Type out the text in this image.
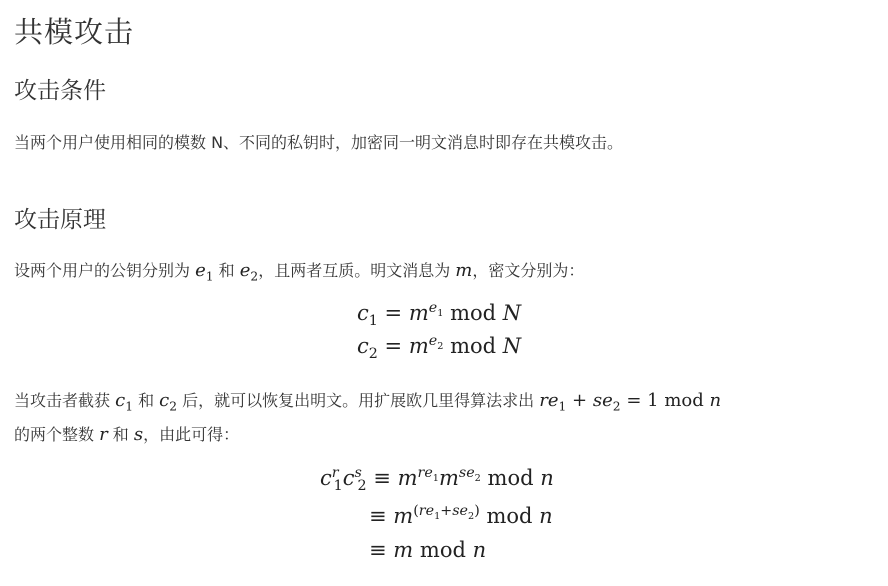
共模攻击
攻击条件

当两个用户使用相同的模数 N、不同的私钥时，加密同一明文消息时即存在共模攻击。

攻击原理

设两个用户的公钥分别为 $e_1$ 和 $e_2$，且两者互质。明文消息为 m，密文分别为：

$c_1 = m^{e_1}$ mod N
$c_2 = m^{e_2}$ mod N

当攻击者截获 $c_1$ 和 $c_2$ 后，就可以恢复出明文。用扩展欧几里得算法求出 $re_1 + se_2 = 1$ mod n

的两个整数 r 和 s，由此可得：

$c^r_1c^s_2 \equiv m^{re_1}m^{se_2}$ mod n
≡ $m^{(re_1+se_2)}$ mod n
≡ m mod n
